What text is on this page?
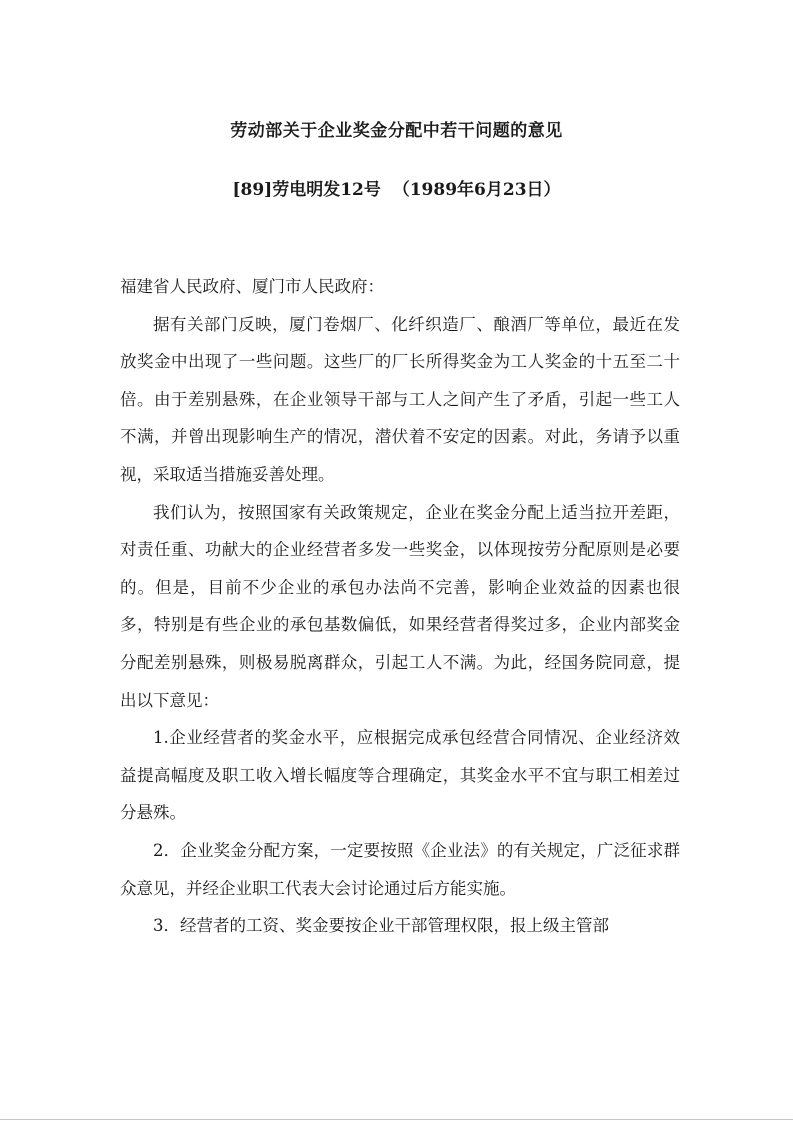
劳动部关于企业奖金分配中若干问题的意见
[89]劳电明发12号 （1989年6月23日）

福建省人民政府、厦门市人民政府：

据有关部门反映，厦门卷烟厂、化纤织造厂、酿酒厂等单位，最近在发放奖金中出现了一些问题。这些厂的厂长所得奖金为工人奖金的十五至二十倍。由于差别悬殊，在企业领导干部与工人之间产生了矛盾，引起一些工人不满，并曾出现影响生产的情况，潜伏着不安定的因素。对此，务请予以重视，采取适当措施妥善处理。

我们认为，按照国家有关政策规定，企业在奖金分配上适当拉开差距，对责任重、功献大的企业经营者多发一些奖金，以体现按劳分配原则是必要的。但是，目前不少企业的承包办法尚不完善，影响企业效益的因素也很多，特别是有些企业的承包基数偏低，如果经营者得奖过多，企业内部奖金分配差别悬殊，则极易脱离群众，引起工人不满。为此，经国务院同意，提出以下意见：

1.企业经营者的奖金水平，应根据完成承包经营合同情况、企业经济效益提高幅度及职工收入增长幅度等合理确定，其奖金水平不宜与职工相差过分悬殊。

2．企业奖金分配方案，一定要按照《企业法》的有关规定，广泛征求群众意见，并经企业职工代表大会讨论通过后方能实施。

3．经营者的工资、奖金要按企业干部管理权限，报上级主管部
